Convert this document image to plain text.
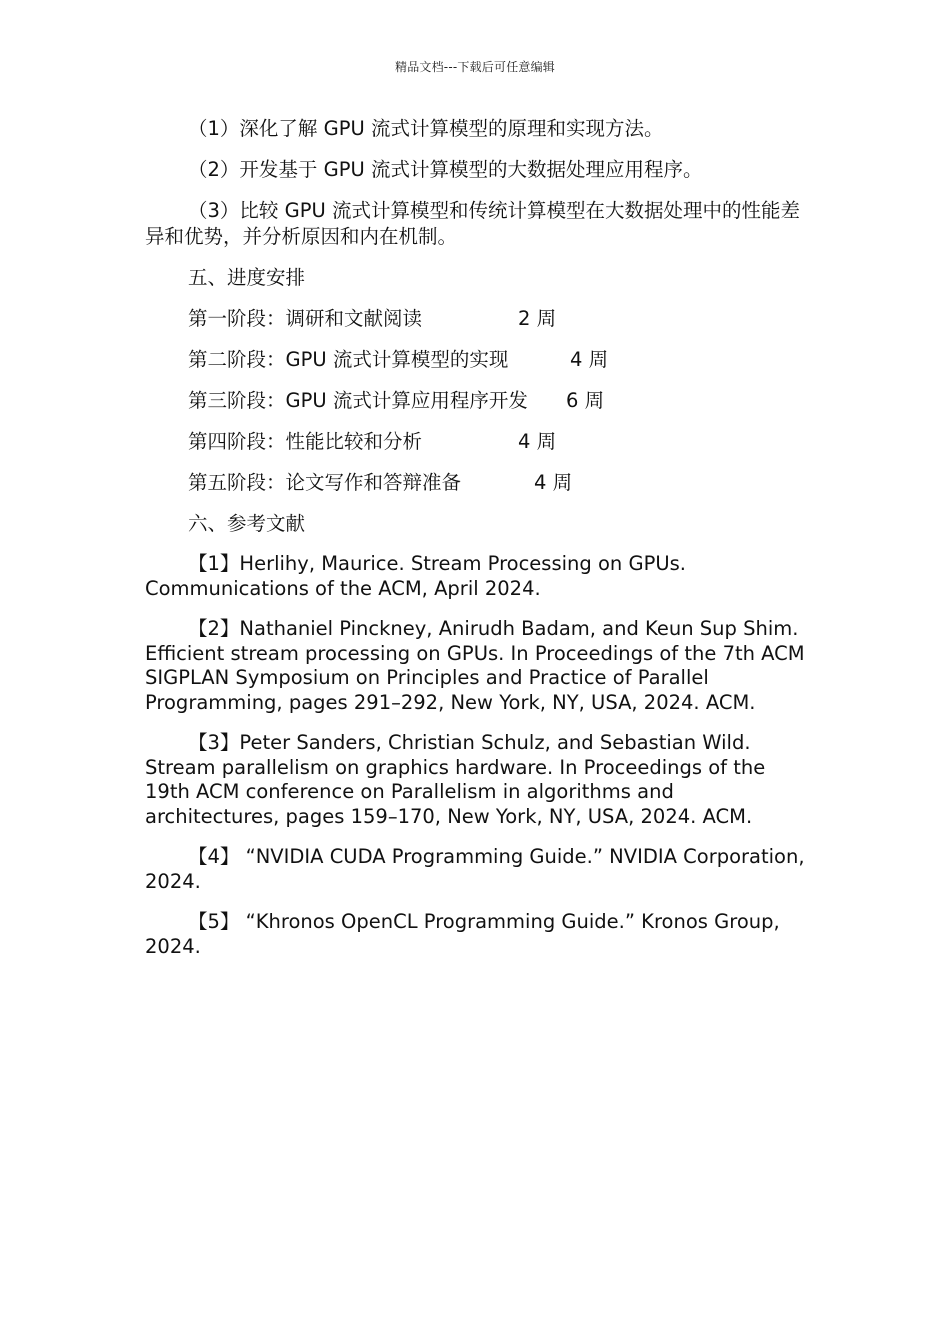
精品文档---下载后可任意编辑

（1）深化了解 GPU 流式计算模型的原理和实现方法。

（2）开发基于 GPU 流式计算模型的大数据处理应用程序。

（3）比较 GPU 流式计算模型和传统计算模型在大数据处理中的性能差异和优势，并分析原因和内在机制。

五、进度安排

第一阶段：调研和文献阅读	2 周
第二阶段：GPU 流式计算模型的实现	4 周
第三阶段：GPU 流式计算应用程序开发 6 周
第四阶段：性能比较和分析	4 周
第五阶段：论文写作和答辩准备	4 周

六、参考文献

【1】Herlihy, Maurice. Stream Processing on GPUs. Communications of the ACM, April 2024.

【2】Nathaniel Pinckney, Anirudh Badam, and Keun Sup Shim. Efficient stream processing on GPUs. In Proceedings of the 7th ACM SIGPLAN Symposium on Principles and Practice of Parallel Programming, pages 291–292, New York, NY, USA, 2024. ACM.

【3】Peter Sanders, Christian Schulz, and Sebastian Wild. Stream parallelism on graphics hardware. In Proceedings of the 19th ACM conference on Parallelism in algorithms and architectures, pages 159–170, New York, NY, USA, 2024. ACM.

【4】 “NVIDIA CUDA Programming Guide.” NVIDIA Corporation, 2024.

【5】 “Khronos OpenCL Programming Guide.” Kronos Group, 2024.
